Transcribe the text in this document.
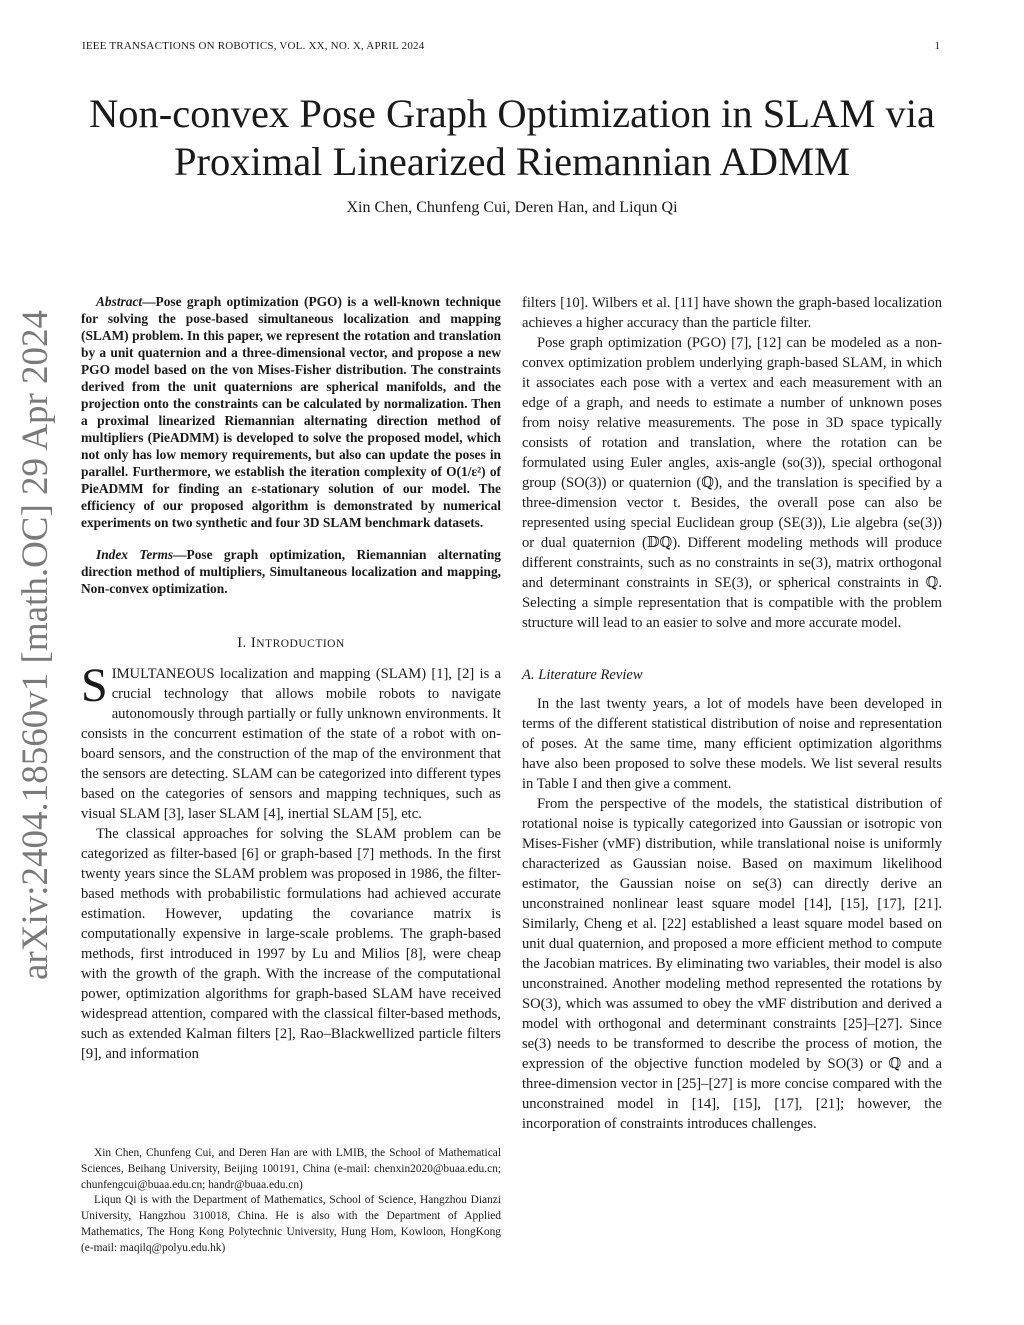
IEEE TRANSACTIONS ON ROBOTICS, VOL. XX, NO. X, APRIL 2024	1
arXiv:2404.18560v1 [math.OC] 29 Apr 2024
Non-convex Pose Graph Optimization in SLAM via
Proximal Linearized Riemannian ADMM
Xin Chen, Chunfeng Cui, Deren Han, and Liqun Qi

Abstract—Pose graph optimization (PGO) is a well-known technique for solving the pose-based simultaneous localization and mapping (SLAM) problem. In this paper, we represent the rotation and translation by a unit quaternion and a three-dimensional vector, and propose a new PGO model based on the von Mises-Fisher distribution. The constraints derived from the unit quaternions are spherical manifolds, and the projection onto the constraints can be calculated by normalization. Then a proximal linearized Riemannian alternating direction method of multipliers (PieADMM) is developed to solve the proposed model, which not only has low memory requirements, but also can update the poses in parallel. Furthermore, we establish the iteration complexity of O(1/ε²) of PieADMM for finding an ε-stationary solution of our model. The efficiency of our proposed algorithm is demonstrated by numerical experiments on two synthetic and four 3D SLAM benchmark datasets.

Index Terms—Pose graph optimization, Riemannian alternating direction method of multipliers, Simultaneous localization and mapping, Non-convex optimization.

I. INTRODUCTION

SIMULTANEOUS localization and mapping (SLAM) [1], [2] is a crucial technology that allows mobile robots to navigate autonomously through partially or fully unknown environments. It consists in the concurrent estimation of the state of a robot with on-board sensors, and the construction of the map of the environment that the sensors are detecting. SLAM can be categorized into different types based on the categories of sensors and mapping techniques, such as visual SLAM [3], laser SLAM [4], inertial SLAM [5], etc.

The classical approaches for solving the SLAM problem can be categorized as filter-based [6] or graph-based [7] methods. In the first twenty years since the SLAM problem was proposed in 1986, the filter-based methods with probabilistic formulations had achieved accurate estimation. However, updating the covariance matrix is computationally expensive in large-scale problems. The graph-based methods, first introduced in 1997 by Lu and Milios [8], were cheap with the growth of the graph. With the increase of the computational power, optimization algorithms for graph-based SLAM have received widespread attention, compared with the classical filter-based methods, such as extended Kalman filters [2], Rao–Blackwellized particle filters [9], and information

Xin Chen, Chunfeng Cui, and Deren Han are with LMIB, the School of Mathematical Sciences, Beihang University, Beijing 100191, China (e-mail: chenxin2020@buaa.edu.cn; chunfengcui@buaa.edu.cn; handr@buaa.edu.cn)

Liqun Qi is with the Department of Mathematics, School of Science, Hangzhou Dianzi University, Hangzhou 310018, China. He is also with the Department of Applied Mathematics, The Hong Kong Polytechnic University, Hung Hom, Kowloon, HongKong (e-mail: maqilq@polyu.edu.hk)

filters [10]. Wilbers et al. [11] have shown the graph-based localization achieves a higher accuracy than the particle filter.

Pose graph optimization (PGO) [7], [12] can be modeled as a non-convex optimization problem underlying graph-based SLAM, in which it associates each pose with a vertex and each measurement with an edge of a graph, and needs to estimate a number of unknown poses from noisy relative measurements. The pose in 3D space typically consists of rotation and translation, where the rotation can be formulated using Euler angles, axis-angle (so(3)), special orthogonal group (SO(3)) or quaternion (ℚ), and the translation is specified by a three-dimension vector t. Besides, the overall pose can also be represented using special Euclidean group (SE(3)), Lie algebra (se(3)) or dual quaternion (𝔻ℚ). Different modeling methods will produce different constraints, such as no constraints in se(3), matrix orthogonal and determinant constraints in SE(3), or spherical constraints in ℚ. Selecting a simple representation that is compatible with the problem structure will lead to an easier to solve and more accurate model.

A. Literature Review

In the last twenty years, a lot of models have been developed in terms of the different statistical distribution of noise and representation of poses. At the same time, many efficient optimization algorithms have also been proposed to solve these models. We list several results in Table I and then give a comment.

From the perspective of the models, the statistical distribution of rotational noise is typically categorized into Gaussian or isotropic von Mises-Fisher (vMF) distribution, while translational noise is uniformly characterized as Gaussian noise. Based on maximum likelihood estimator, the Gaussian noise on se(3) can directly derive an unconstrained nonlinear least square model [14], [15], [17], [21]. Similarly, Cheng et al. [22] established a least square model based on unit dual quaternion, and proposed a more efficient method to compute the Jacobian matrices. By eliminating two variables, their model is also unconstrained. Another modeling method represented the rotations by SO(3), which was assumed to obey the vMF distribution and derived a model with orthogonal and determinant constraints [25]–[27]. Since se(3) needs to be transformed to describe the process of motion, the expression of the objective function modeled by SO(3) or ℚ and a three-dimension vector in [25]–[27] is more concise compared with the unconstrained model in [14], [15], [17], [21]; however, the incorporation of constraints introduces challenges.
